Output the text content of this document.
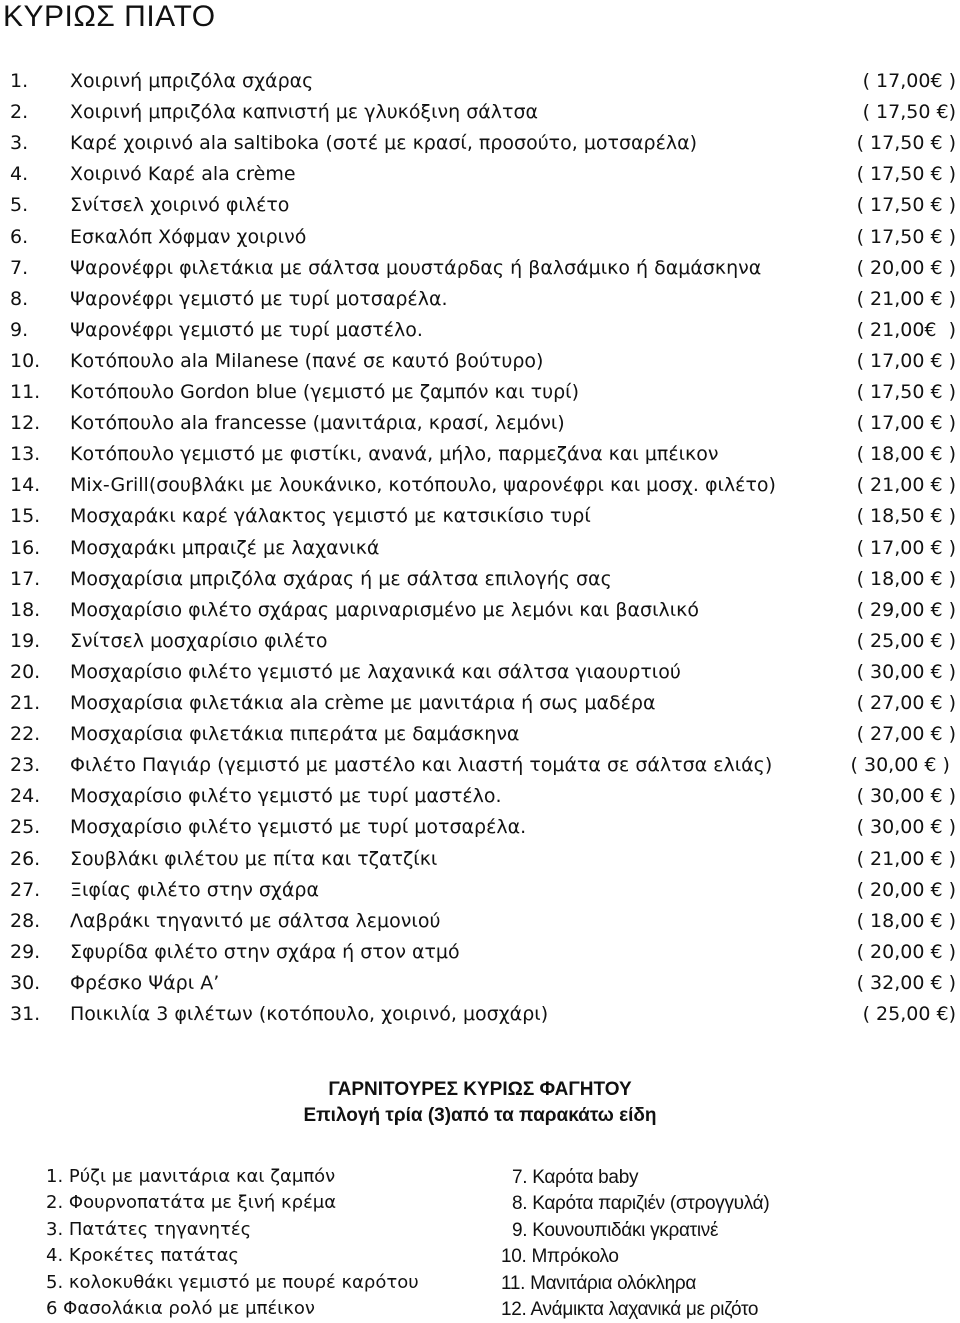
ΚΥΡΙΩΣ ΠΙΑΤΟ
1. Χοιρινή μπριζόλα σχάρας	( 17,00€ )
2. Χοιρινή μπριζόλα καπνιστή με γλυκόξινη σάλτσα	( 17,50 €)
3. Καρέ χοιρινό ala saltiboka (σοτέ με κρασί, προσούτο, μοτσαρέλα)	( 17,50 € )
4. Χοιρινό Καρέ ala crème	( 17,50 € )
5. Σνίτσελ χοιρινό φιλέτο	( 17,50 € )
6. Εσκαλόπ Χόφμαν χοιρινό	( 17,50 € )
7. Ψαρονέφρι φιλετάκια με σάλτσα μουστάρδας ή βαλσάμικο ή δαμάσκηνα	( 20,00 € )
8. Ψαρονέφρι γεμιστό με τυρί μοτσαρέλα.	( 21,00 € )
9. Ψαρονέφρι γεμιστό με τυρί μαστέλο.	( 21,00€  )
10. Κοτόπουλο ala Milanese (πανέ σε καυτό βούτυρο)	( 17,00 € )
11. Κοτόπουλο Gordon blue (γεμιστό με ζαμπόν και τυρί)	( 17,50 € )
12. Κοτόπουλο ala francesse (μανιτάρια, κρασί, λεμόνι)	( 17,00 € )
13. Κοτόπουλο γεμιστό με φιστίκι, ανανά, μήλο, παρμεζάνα και μπέικον	( 18,00 € )
14. Mix-Grill(σουβλάκι με λουκάνικο, κοτόπουλο, ψαρονέφρι και μοσχ. φιλέτο)	( 21,00 € )
15. Μοσχαράκι καρέ γάλακτος γεμιστό με κατσικίσιο τυρί	( 18,50 € )
16. Μοσχαράκι μπραιζέ με λαχανικά	( 17,00 € )
17. Μοσχαρίσια μπριζόλα σχάρας ή με σάλτσα επιλογής σας	( 18,00 € )
18. Μοσχαρίσιο φιλέτο σχάρας μαριναρισμένο με λεμόνι και βασιλικό	( 29,00 € )
19. Σνίτσελ μοσχαρίσιο φιλέτο	( 25,00 € )
20. Μοσχαρίσιο φιλέτο γεμιστό με λαχανικά και σάλτσα γιαουρτιού	( 30,00 € )
21. Μοσχαρίσια φιλετάκια ala crème με μανιτάρια ή σως μαδέρα	( 27,00 € )
22. Μοσχαρίσια φιλετάκια πιπεράτα με δαμάσκηνα	( 27,00 € )
23. Φιλέτο Παγιάρ (γεμιστό με μαστέλο και λιαστή τομάτα σε σάλτσα ελιάς)	( 30,00 € )
24. Μοσχαρίσιο φιλέτο γεμιστό με τυρί μαστέλο.	( 30,00 € )
25. Μοσχαρίσιο φιλέτο γεμιστό με τυρί μοτσαρέλα.	( 30,00 € )
26. Σουβλάκι φιλέτου με πίτα και τζατζίκι	( 21,00 € )
27. Ξιφίας φιλέτο στην σχάρα	( 20,00 € )
28. Λαβράκι τηγανιτό με σάλτσα λεμονιού	( 18,00 € )
29. Σφυρίδα φιλέτο στην σχάρα ή στον ατμό	( 20,00 € )
30. Φρέσκο Ψάρι Α’	( 32,00 € )
31. Ποικιλία 3 φιλέτων (κοτόπουλο, χοιρινό, μοσχάρι)	( 25,00 €)
ΓΑΡΝΙΤΟΥΡΕΣ ΚΥΡΙΩΣ ΦΑΓΗΤΟΥ
Επιλογή τρία (3)από τα παρακάτω είδη
1. Ρύζι με μανιτάρια και ζαμπόν
2. Φουρνοπατάτα με ξινή κρέμα
3. Πατάτες τηγανητές
4. Κροκέτες πατάτας
5. κολοκυθάκι γεμιστό με πουρέ καρότου
6 Φασολάκια ρολό με μπέικον
7. Καρότα baby
8. Καρότα παριζιέν (στρογγυλά)
9. Κουνουπιδάκι γκρατινέ
10. Μπρόκολο
11. Μανιτάρια ολόκληρα
12. Ανάμικτα λαχανικά με ριζότο
